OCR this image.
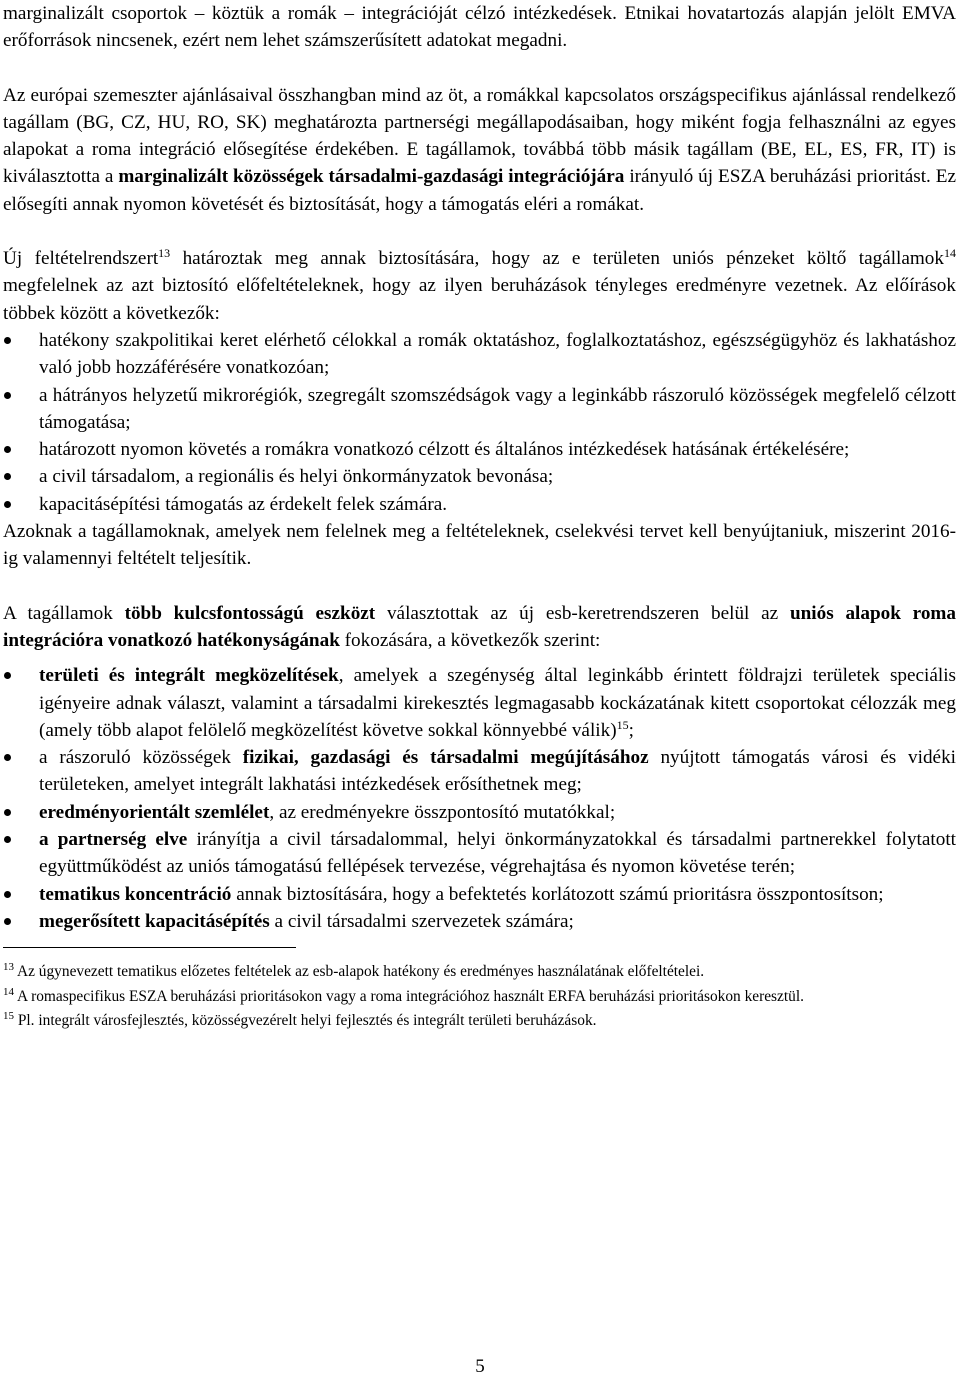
marginalizált csoportok – köztük a romák – integrációját célzó intézkedések. Etnikai hovatartozás alapján jelölt EMVA erőforrások nincsenek, ezért nem lehet számszerűsített adatokat megadni.

Az európai szemeszter ajánlásaival összhangban mind az öt, a romákkal kapcsolatos országspecifikus ajánlással rendelkező tagállam (BG, CZ, HU, RO, SK) meghatározta partnerségi megállapodásaiban, hogy miként fogja felhasználni az egyes alapokat a roma integráció elősegítése érdekében. E tagállamok, továbbá több másik tagállam (BE, EL, ES, FR, IT) is kiválasztotta a marginalizált közösségek társadalmi-gazdasági integrációjára irányuló új ESZA beruházási prioritást. Ez elősegíti annak nyomon követését és biztosítását, hogy a támogatás eléri a romákat.

Új feltételrendszert$^{13}$ határoztak meg annak biztosítására, hogy az e területen uniós pénzeket költő tagállamok$^{14}$ megfelelnek az azt biztosító előfeltételeknek, hogy az ilyen beruházások tényleges eredményre vezetnek. Az előírások többek között a következők:

hatékony szakpolitikai keret elérhető célokkal a romák oktatáshoz, foglalkoztatáshoz, egészségügyhöz és lakhatáshoz való jobb hozzáférésére vonatkozóan;
a hátrányos helyzetű mikrorégiók, szegregált szomszédságok vagy a leginkább rászoruló közösségek megfelelő célzott támogatása;
határozott nyomon követés a romákra vonatkozó célzott és általános intézkedések hatásának értékelésére;
a civil társadalom, a regionális és helyi önkormányzatok bevonása;
kapacitásépítési támogatás az érdekelt felek számára.

Azoknak a tagállamoknak, amelyek nem felelnek meg a feltételeknek, cselekvési tervet kell benyújtaniuk, miszerint 2016-ig valamennyi feltételt teljesítik.

A tagállamok több kulcsfontosságú eszközt választottak az új esb-keretrendszeren belül az uniós alapok roma integrációra vonatkozó hatékonyságának fokozására, a következők szerint:

területi és integrált megközelítések, amelyek a szegénység által leginkább érintett földrajzi területek speciális igényeire adnak választ, valamint a társadalmi kirekesztés legmagasabb kockázatának kitett csoportokat célozzák meg (amely több alapot felölelő megközelítést követve sokkal könnyebbé válik)$^{15}$;
a rászoruló közösségek fizikai, gazdasági és társadalmi megújításához nyújtott támogatás városi és vidéki területeken, amelyet integrált lakhatási intézkedések erősíthetnek meg;
eredményorientált szemlélet, az eredményekre összpontosító mutatókkal;
a partnerség elve irányítja a civil társadalommal, helyi önkormányzatokkal és társadalmi partnerekkel folytatott együttműködést az uniós támogatású fellépések tervezése, végrehajtása és nyomon követése terén;
tematikus koncentráció annak biztosítására, hogy a befektetés korlátozott számú prioritásra összpontosítson;
megerősített kapacitásépítés a civil társadalmi szervezetek számára;

$^{13}$ Az úgynevezett tematikus előzetes feltételek az esb-alapok hatékony és eredményes használatának előfeltételei.

$^{14}$ A romaspecifikus ESZA beruházási prioritásokon vagy a roma integrációhoz használt ERFA beruházási prioritásokon keresztül.

$^{15}$ Pl. integrált városfejlesztés, közösségvezérelt helyi fejlesztés és integrált területi beruházások.

5
